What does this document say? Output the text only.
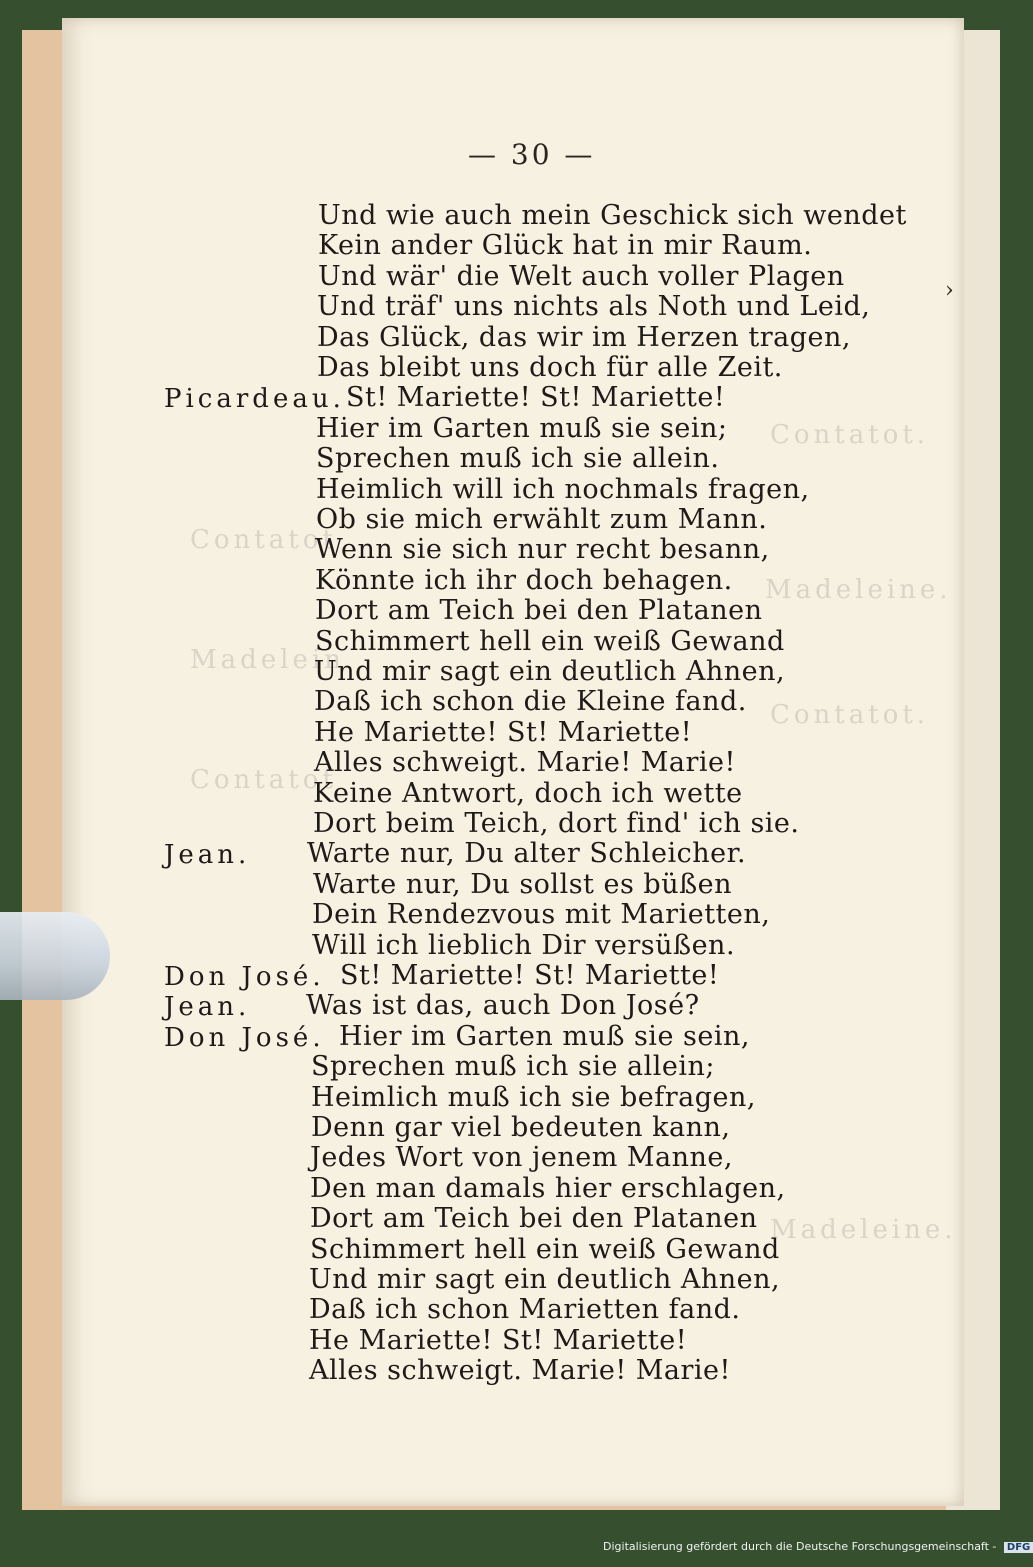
Contatot.
Madeleine.
Contatot.
Madeleine.
Contatot
Madelein
Contatot
— 30 —
Und wie auch mein Geschick sich wendet
Kein ander Glück hat in mir Raum.
Und wär' die Welt auch voller Plagen
Und träf' uns nichts als Noth und Leid,
Das Glück, das wir im Herzen tragen,
Das bleibt uns doch für alle Zeit.
Picardeau. St! Mariette! St! Mariette!
Hier im Garten muß sie sein;
Sprechen muß ich sie allein.
Heimlich will ich nochmals fragen,
Ob sie mich erwählt zum Mann.
Wenn sie sich nur recht besann,
Könnte ich ihr doch behagen.
Dort am Teich bei den Platanen
Schimmert hell ein weiß Gewand
Und mir sagt ein deutlich Ahnen,
Daß ich schon die Kleine fand.
He Mariette! St! Mariette!
Alles schweigt. Marie! Marie!
Keine Antwort, doch ich wette
Dort beim Teich, dort find' ich sie.
Jean. Warte nur, Du alter Schleicher.
Warte nur, Du sollst es büßen
Dein Rendezvous mit Marietten,
Will ich lieblich Dir versüßen.
Don José. St! Mariette! St! Mariette!
Jean. Was ist das, auch Don José?
Don José. Hier im Garten muß sie sein,
Sprechen muß ich sie allein;
Heimlich muß ich sie befragen,
Denn gar viel bedeuten kann,
Jedes Wort von jenem Manne,
Den man damals hier erschlagen,
Dort am Teich bei den Platanen
Schimmert hell ein weiß Gewand
Und mir sagt ein deutlich Ahnen,
Daß ich schon Marietten fand.
He Mariette! St! Mariette!
Alles schweigt. Marie! Marie!
›
Digitalisierung gefördert durch die Deutsche Forschungsgemeinschaft - DFG
